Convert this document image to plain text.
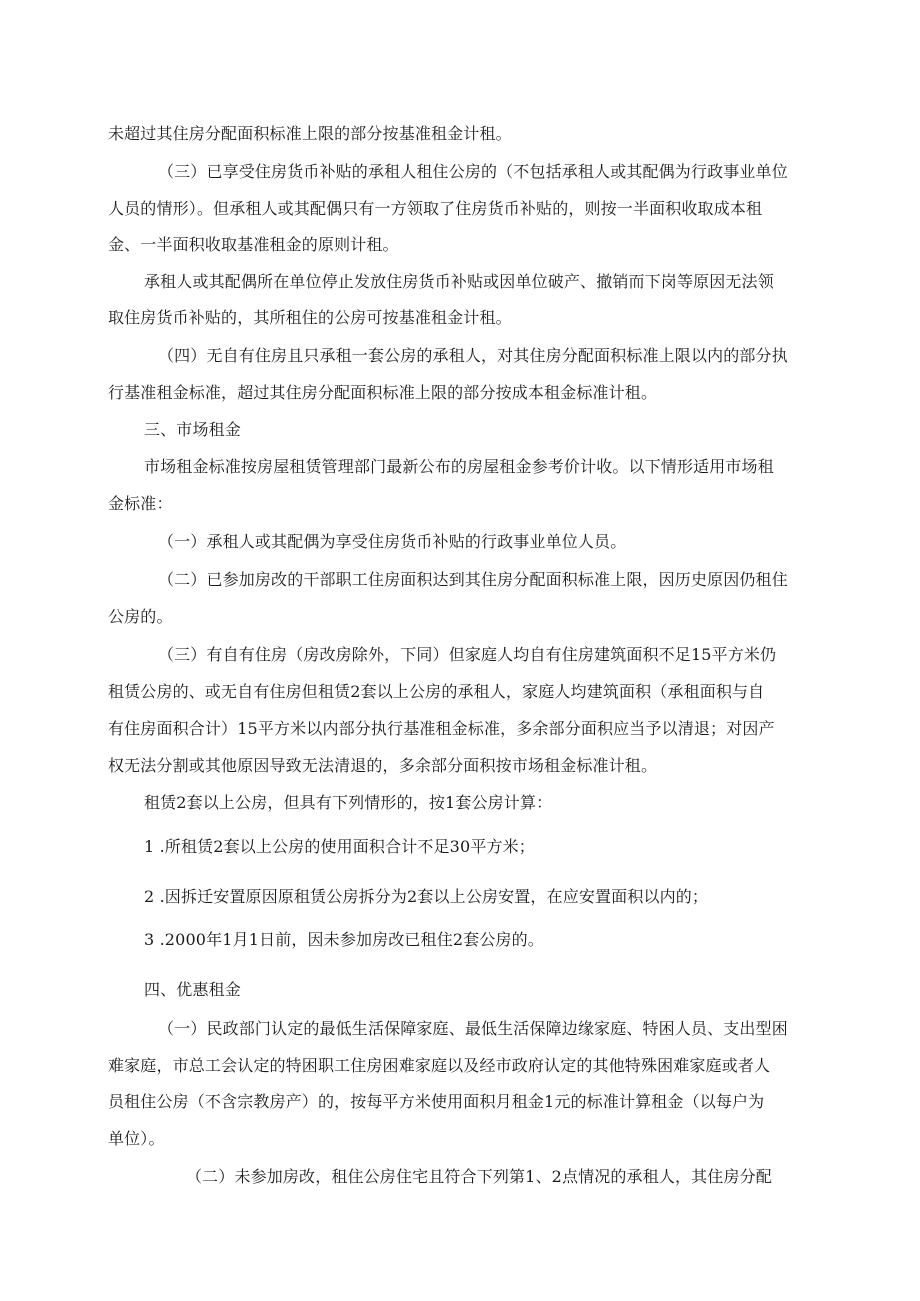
未超过其住房分配面积标准上限的部分按基准租金计租。
（三）已享受住房货币补贴的承租人租住公房的（不包括承租人或其配偶为行政事业单位
人员的情形）。但承租人或其配偶只有一方领取了住房货币补贴的，则按一半面积收取成本租
金、一半面积收取基准租金的原则计租。
承租人或其配偶所在单位停止发放住房货币补贴或因单位破产、撤销而下岗等原因无法领
取住房货币补贴的，其所租住的公房可按基准租金计租。
（四）无自有住房且只承租一套公房的承租人，对其住房分配面积标准上限以内的部分执
行基准租金标准，超过其住房分配面积标准上限的部分按成本租金标准计租。
三、市场租金
市场租金标准按房屋租赁管理部门最新公布的房屋租金参考价计收。以下情形适用市场租
金标准：
（一）承租人或其配偶为享受住房货币补贴的行政事业单位人员。
（二）已参加房改的干部职工住房面积达到其住房分配面积标准上限，因历史原因仍租住
公房的。
（三）有自有住房（房改房除外，下同）但家庭人均自有住房建筑面积不足15平方米仍
租赁公房的、或无自有住房但租赁2套以上公房的承租人，家庭人均建筑面积（承租面积与自
有住房面积合计）15平方米以内部分执行基准租金标准，多余部分面积应当予以清退；对因产
权无法分割或其他原因导致无法清退的，多余部分面积按市场租金标准计租。
租赁2套以上公房，但具有下列情形的，按1套公房计算：
1 .所租赁2套以上公房的使用面积合计不足30平方米；
2 .因拆迁安置原因原租赁公房拆分为2套以上公房安置，在应安置面积以内的；
3 .2000年1月1日前，因未参加房改已租住2套公房的。
四、优惠租金
（一）民政部门认定的最低生活保障家庭、最低生活保障边缘家庭、特困人员、支出型困
难家庭，市总工会认定的特困职工住房困难家庭以及经市政府认定的其他特殊困难家庭或者人
员租住公房（不含宗教房产）的，按每平方米使用面积月租金1元的标准计算租金（以每户为
单位）。
（二）未参加房改，租住公房住宅且符合下列第1、2点情况的承租人，其住房分配
